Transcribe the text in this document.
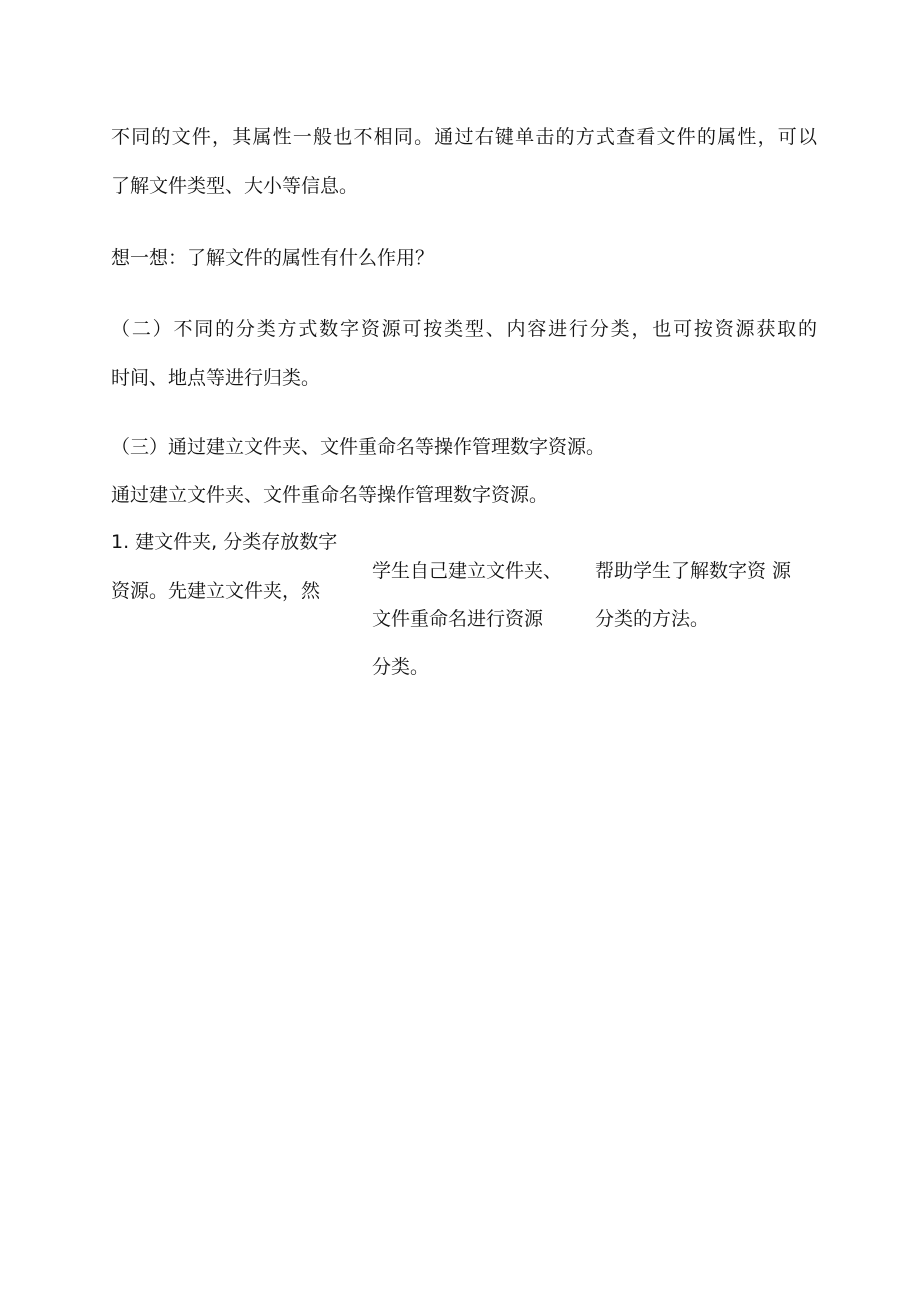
不同的文件，其属性一般也不相同。通过右键单击的方式查看文件的属性，可以

了解文件类型、大小等信息。

想一想：了解文件的属性有什么作用？

（二）不同的分类方式数字资源可按类型、内容进行分类，也可按资源获取的

时间、地点等进行归类。

（三）通过建立文件夹、文件重命名等操作管理数字资源。

通过建立文件夹、文件重命名等操作管理数字资源。

1. 建文件夹, 分类存放数字

资源。先建立文件夹，然

学生自己建立文件夹、

文件重命名进行资源

分类。

帮助学生了解数字资 源

分类的方法。
